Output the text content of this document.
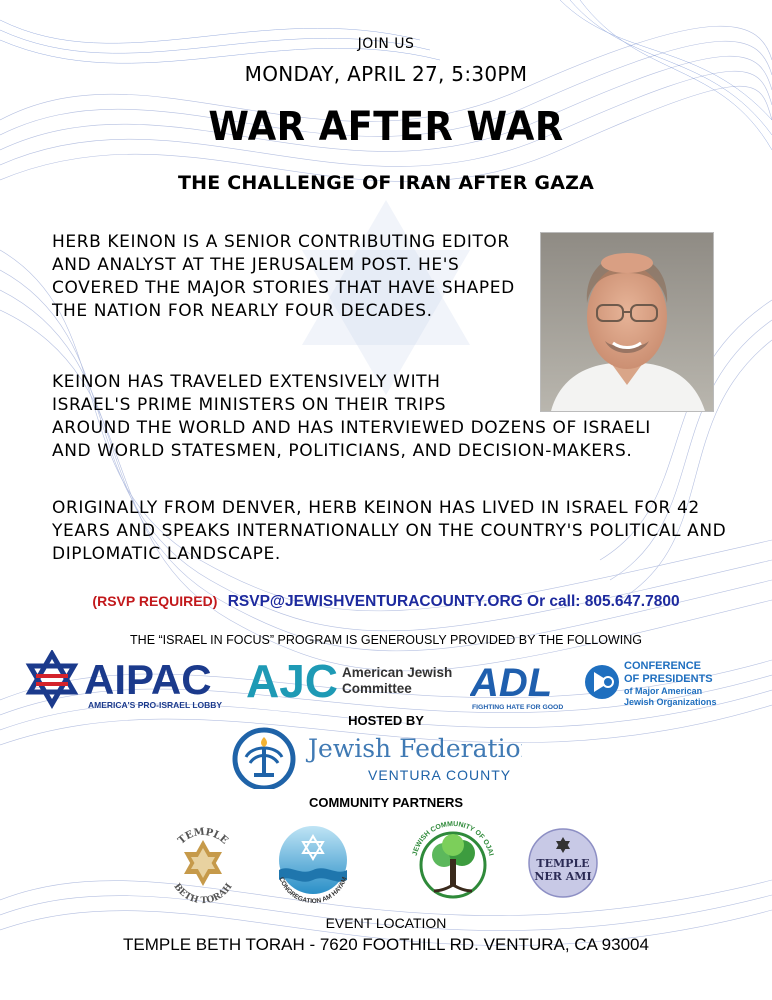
JOIN US
MONDAY, APRIL 27, 5:30PM
WAR AFTER WAR
THE CHALLENGE OF IRAN AFTER GAZA
HERB KEINON IS A SENIOR CONTRIBUTING EDITOR AND ANALYST AT THE JERUSALEM POST. HE'S COVERED THE MAJOR STORIES THAT HAVE SHAPED THE NATION FOR NEARLY FOUR DECADES.
KEINON HAS TRAVELED EXTENSIVELY WITH
ISRAEL'S PRIME MINISTERS ON THEIR TRIPS
AROUND THE WORLD AND HAS INTERVIEWED DOZENS OF ISRAELI
AND WORLD STATESMEN, POLITICIANS, AND DECISION-MAKERS.
ORIGINALLY FROM DENVER, HERB KEINON HAS LIVED IN ISRAEL FOR 42 YEARS AND SPEAKS INTERNATIONALLY ON THE COUNTRY'S POLITICAL AND DIPLOMATIC LANDSCAPE.
(RSVP REQUIRED) RSVP@JEWISHVENTURACOUNTY.ORG Or call: 805.647.7800
THE “ISRAEL IN FOCUS” PROGRAM IS GENEROUSLY PROVIDED BY THE FOLLOWING
AIPAC
AMERICA'S PRO-ISRAEL LOBBY AJC American Jewish
Committee ADL
FIGHTING HATE FOR GOOD
CONFERENCE
OF PRESIDENTS
of Major American
Jewish Organizations
HOSTED BY
Jewish Federation
VENTURA COUNTY
COMMUNITY PARTNERS
TEMPLE
BETH TORAH
CONGREGATION AM HAYAM
JEWISH COMMUNITY OF OJAI
TEMPLE
NER AMI
EVENT LOCATION
TEMPLE BETH TORAH - 7620 FOOTHILL RD. VENTURA, CA 93004
